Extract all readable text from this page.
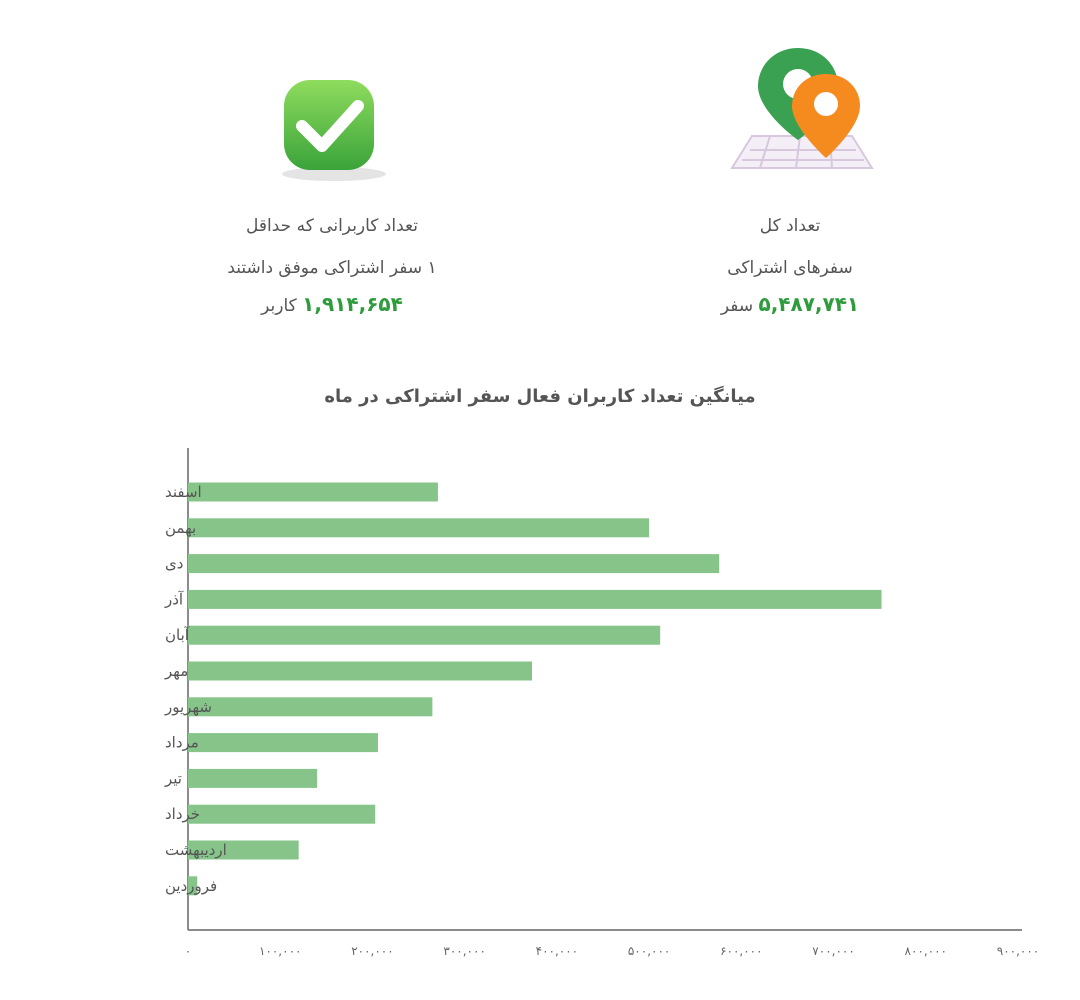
تعداد کاربرانی که حداقل
۱ سفر اشتراکی موفق داشتند
۱,۹۱۴,۶۵۴ کاربر
تعداد کل
سفرهای اشتراکی
۵,۴۸۷,۷۴۱ سفر
میانگین تعداد کاربران فعال سفر اشتراکی در ماه
اسفند
بهمن
دی
آذر
آبان
مهر
شهریور
مرداد
تیر
خرداد
اردیبهشت
فروردین
۰	۱۰۰,۰۰۰	۲۰۰,۰۰۰	۳۰۰,۰۰۰	۴۰۰,۰۰۰	۵۰۰,۰۰۰	۶۰۰,۰۰۰	۷۰۰,۰۰۰	۸۰۰,۰۰۰	۹۰۰,۰۰۰
